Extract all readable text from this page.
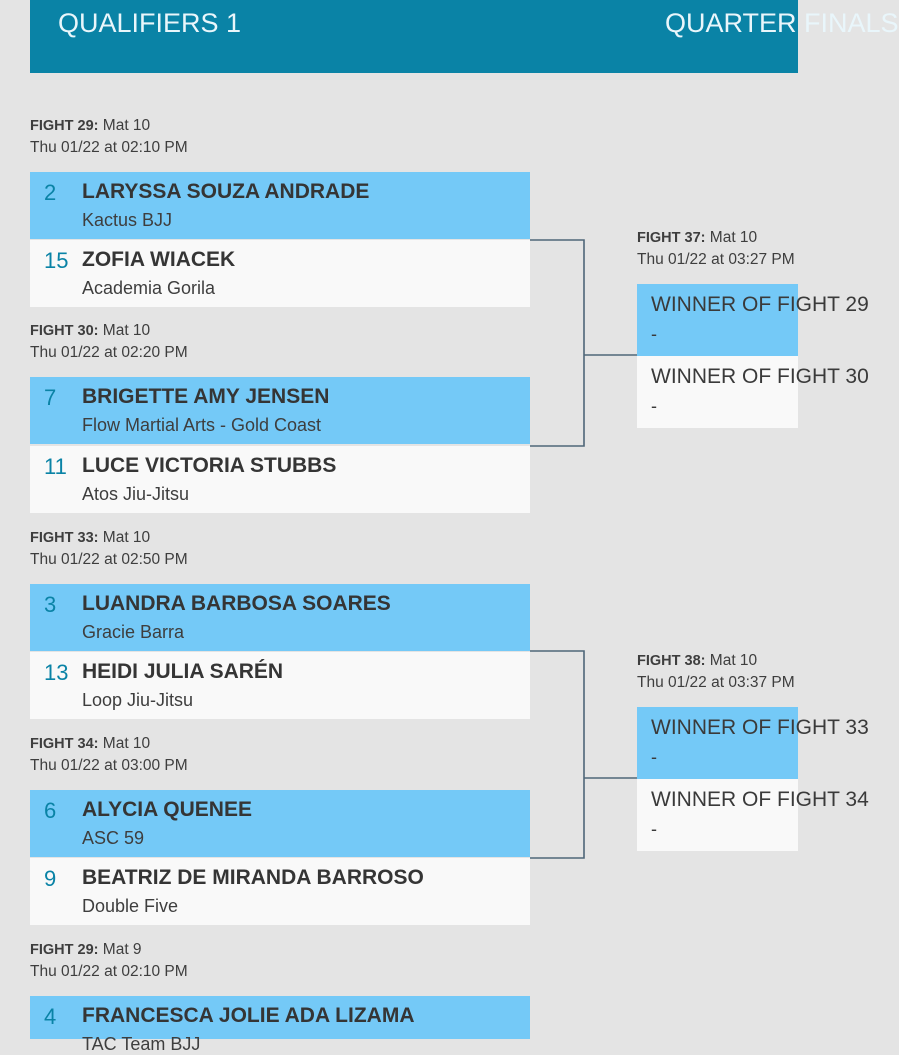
QUALIFIERS 1	QUARTER FINALS
FIGHT 29: Mat 10
Thu 01/22 at 02:10 PM
2 LARYSSA SOUZA ANDRADE
Kactus BJJ
15 ZOFIA WIACEK
Academia Gorila
FIGHT 30: Mat 10
Thu 01/22 at 02:20 PM
7 BRIGETTE AMY JENSEN
Flow Martial Arts - Gold Coast
11 LUCE VICTORIA STUBBS
Atos Jiu-Jitsu
FIGHT 33: Mat 10
Thu 01/22 at 02:50 PM
3 LUANDRA BARBOSA SOARES
Gracie Barra
13 HEIDI JULIA SARÉN
Loop Jiu-Jitsu
FIGHT 34: Mat 10
Thu 01/22 at 03:00 PM
6 ALYCIA QUENEE
ASC 59
9 BEATRIZ DE MIRANDA BARROSO
Double Five
FIGHT 29: Mat 9
Thu 01/22 at 02:10 PM
4 FRANCESCA JOLIE ADA LIZAMA
TAC Team BJJ
FIGHT 37: Mat 10
Thu 01/22 at 03:27 PM
WINNER OF FIGHT 29
-
WINNER OF FIGHT 30
-
FIGHT 38: Mat 10
Thu 01/22 at 03:37 PM
WINNER OF FIGHT 33
-
WINNER OF FIGHT 34
-
